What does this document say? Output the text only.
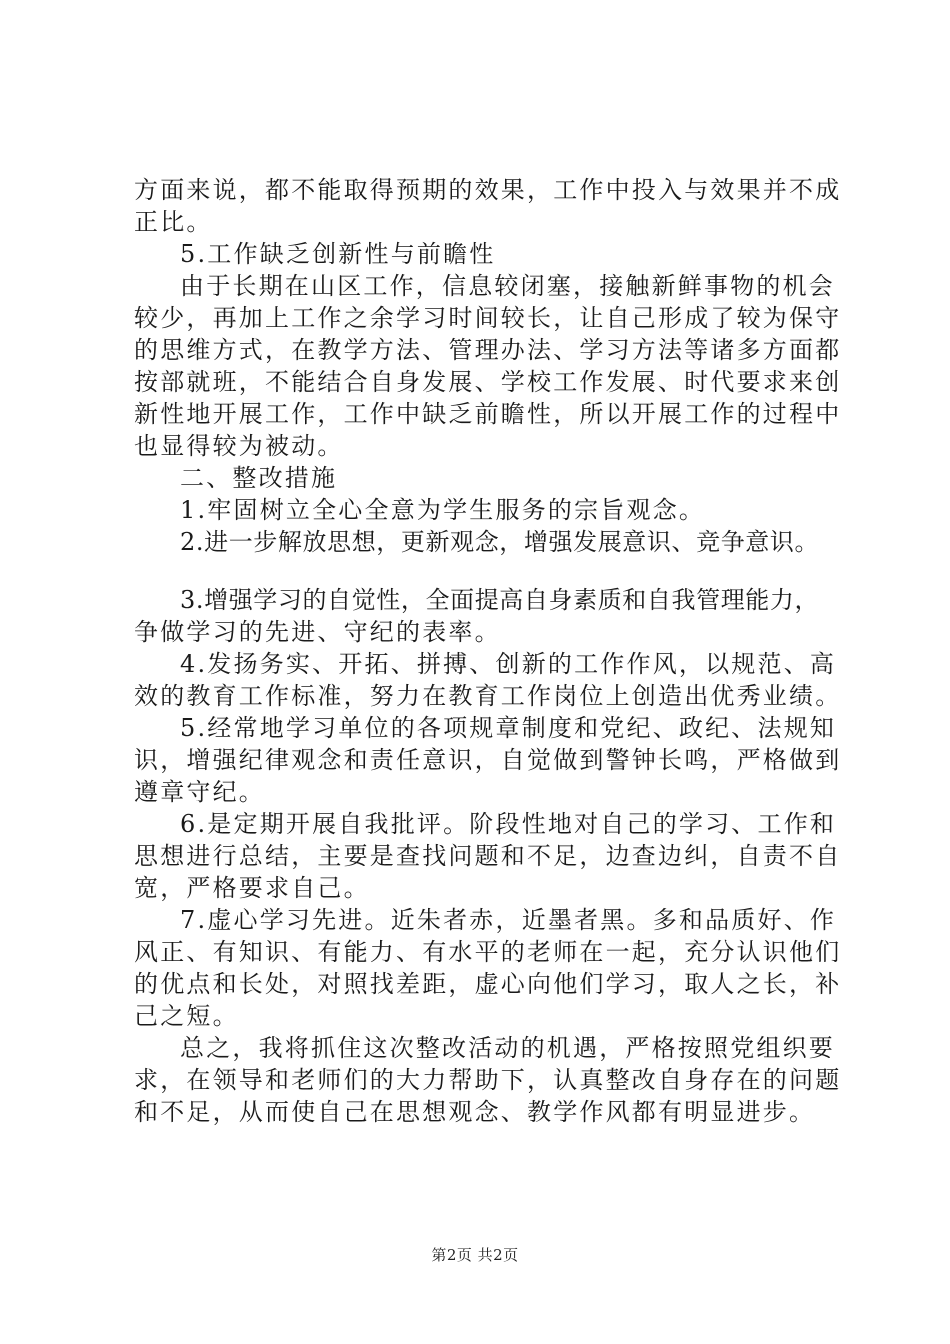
方面来说，都不能取得预期的效果，工作中投入与效果并不成
正比。
5.工作缺乏创新性与前瞻性
由于长期在山区工作，信息较闭塞，接触新鲜事物的机会
较少，再加上工作之余学习时间较长，让自己形成了较为保守
的思维方式，在教学方法、管理办法、学习方法等诸多方面都
按部就班，不能结合自身发展、学校工作发展、时代要求来创
新性地开展工作，工作中缺乏前瞻性，所以开展工作的过程中
也显得较为被动。
二、整改措施
1.牢固树立全心全意为学生服务的宗旨观念。
2.进一步解放思想，更新观念，增强发展意识、竞争意识。
3.增强学习的自觉性，全面提高自身素质和自我管理能力，
争做学习的先进、守纪的表率。
4.发扬务实、开拓、拼搏、创新的工作作风，以规范、高
效的教育工作标准，努力在教育工作岗位上创造出优秀业绩。
5.经常地学习单位的各项规章制度和党纪、政纪、法规知
识，增强纪律观念和责任意识，自觉做到警钟长鸣，严格做到
遵章守纪。
6.是定期开展自我批评。阶段性地对自己的学习、工作和
思想进行总结，主要是查找问题和不足，边查边纠，自责不自
宽，严格要求自己。
7.虚心学习先进。近朱者赤，近墨者黑。多和品质好、作
风正、有知识、有能力、有水平的老师在一起，充分认识他们
的优点和长处，对照找差距，虚心向他们学习，取人之长，补
己之短。
总之，我将抓住这次整改活动的机遇，严格按照党组织要
求，在领导和老师们的大力帮助下，认真整改自身存在的问题
和不足，从而使自己在思想观念、教学作风都有明显进步。
第2页 共2页
